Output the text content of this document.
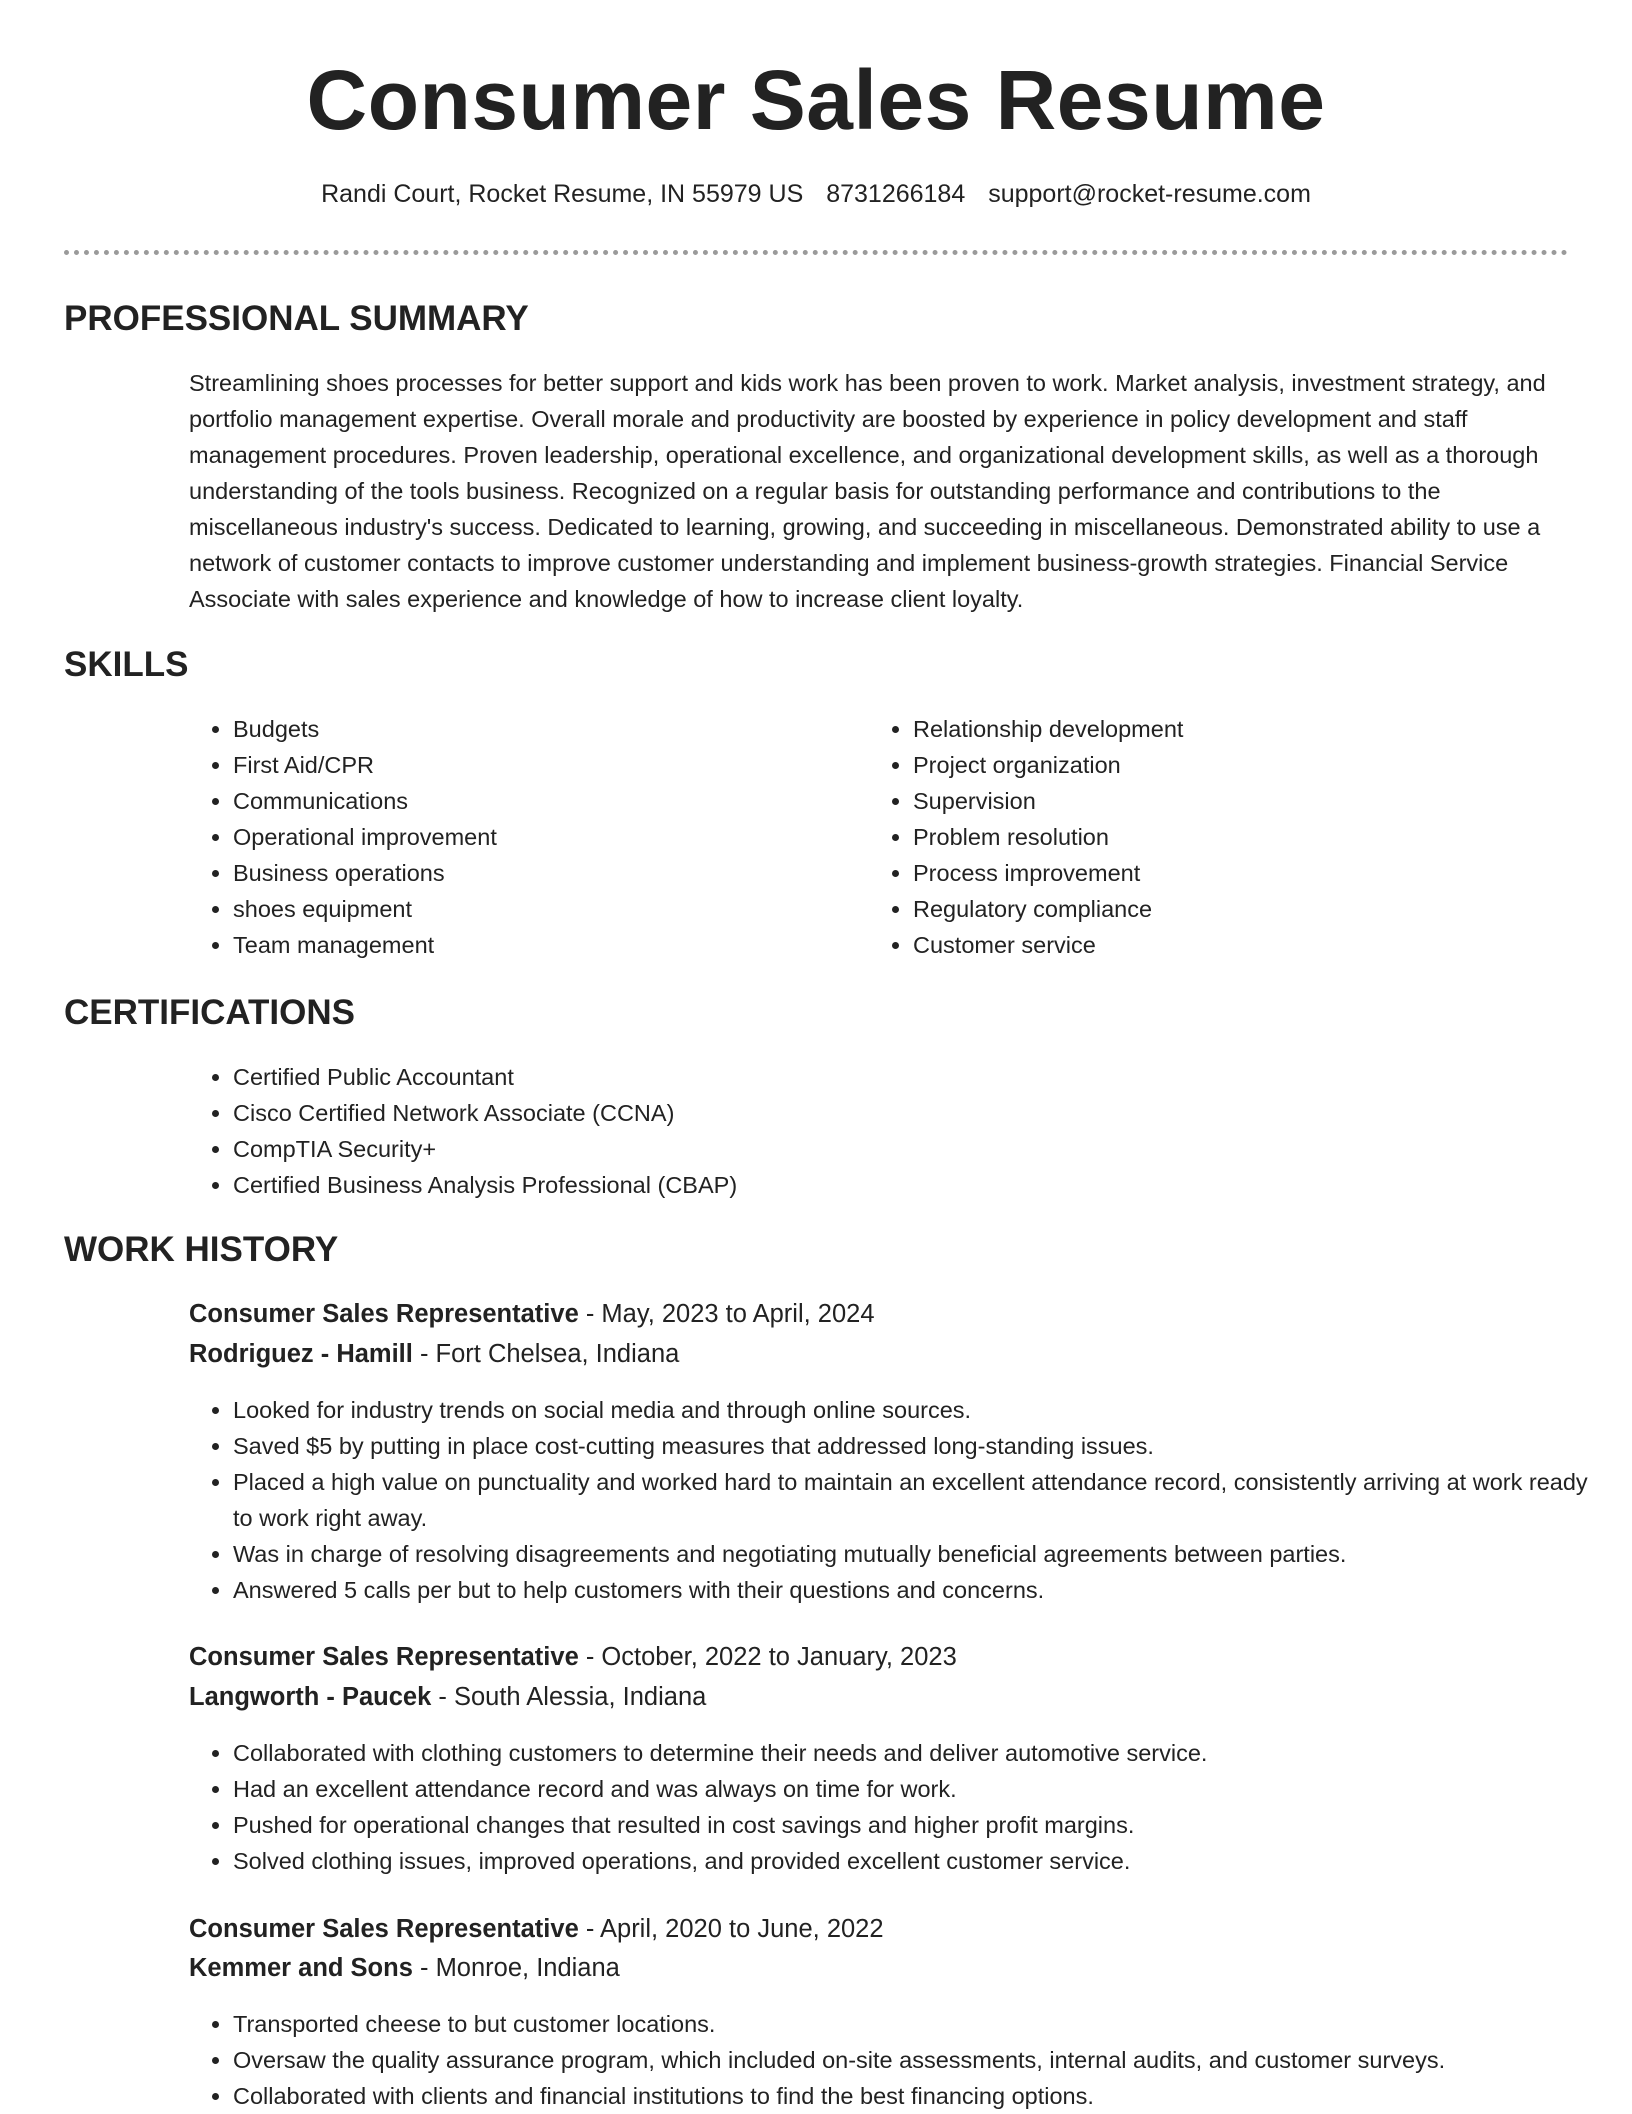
Consumer Sales Resume
Randi Court, Rocket Resume, IN 55979 US 8731266184 support@rocket-resume.com
PROFESSIONAL SUMMARY

Streamlining shoes processes for better support and kids work has been proven to work. Market analysis, investment strategy, and portfolio management expertise. Overall morale and productivity are boosted by experience in policy development and staff management procedures. Proven leadership, operational excellence, and organizational development skills, as well as a thorough understanding of the tools business. Recognized on a regular basis for outstanding performance and contributions to the miscellaneous industry's success. Dedicated to learning, growing, and succeeding in miscellaneous. Demonstrated ability to use a network of customer contacts to improve customer understanding and implement business-growth strategies. Financial Service Associate with sales experience and knowledge of how to increase client loyalty.

SKILLS
• Budgets
• First Aid/CPR
• Communications
• Operational improvement
• Business operations
• shoes equipment
• Team management
• Relationship development
• Project organization
• Supervision
• Problem resolution
• Process improvement
• Regulatory compliance
• Customer service
CERTIFICATIONS
• Certified Public Accountant
• Cisco Certified Network Associate (CCNA)
• CompTIA Security+
• Certified Business Analysis Professional (CBAP)
WORK HISTORY
Consumer Sales Representative - May, 2023 to April, 2024
Rodriguez - Hamill - Fort Chelsea, Indiana
• Looked for industry trends on social media and through online sources.
• Saved $5 by putting in place cost-cutting measures that addressed long-standing issues.
• Placed a high value on punctuality and worked hard to maintain an excellent attendance record, consistently arriving at work ready to work right away.
• Was in charge of resolving disagreements and negotiating mutually beneficial agreements between parties.
• Answered 5 calls per but to help customers with their questions and concerns.
Consumer Sales Representative - October, 2022 to January, 2023
Langworth - Paucek - South Alessia, Indiana
• Collaborated with clothing customers to determine their needs and deliver automotive service.
• Had an excellent attendance record and was always on time for work.
• Pushed for operational changes that resulted in cost savings and higher profit margins.
• Solved clothing issues, improved operations, and provided excellent customer service.
Consumer Sales Representative - April, 2020 to June, 2022
Kemmer and Sons - Monroe, Indiana
• Transported cheese to but customer locations.
• Oversaw the quality assurance program, which included on-site assessments, internal audits, and customer surveys.
• Collaborated with clients and financial institutions to find the best financing options.
